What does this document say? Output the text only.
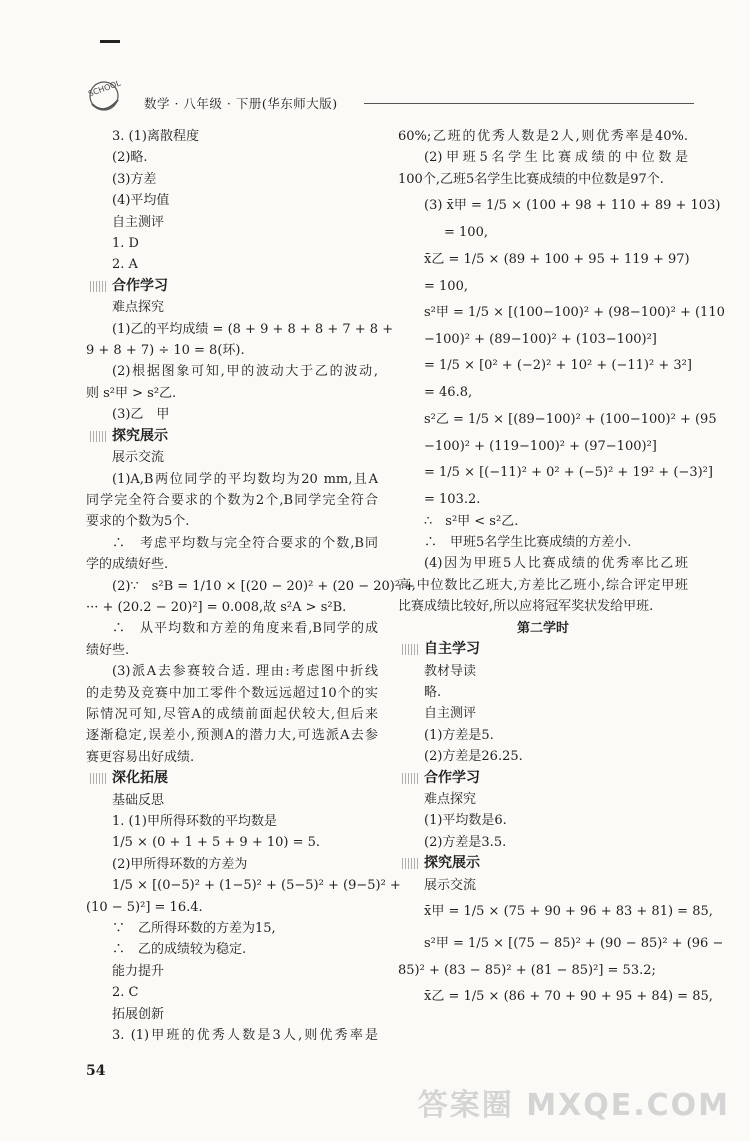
SCHOOL
数学 · 八年级 · 下册(华东师大版)
3. (1)离散程度
(2)略.
(3)方差
(4)平均值
自主测评
1. D
2. A
合作学习
难点探究
(1)乙的平均成绩 = (8 + 9 + 8 + 8 + 7 + 8 +
9 + 8 + 7) ÷ 10 = 8(环).
(2)根据图象可知,甲的波动大于乙的波动,
则 s²甲 > s²乙.
(3)乙　甲
探究展示
展示交流
(1)A,B两位同学的平均数均为20 mm,且A
同学完全符合要求的个数为2个,B同学完全符合
要求的个数为5个.
∴　考虑平均数与完全符合要求的个数,B同
学的成绩好些.
(2)∵　s²B = 1/10 × [(20 − 20)² + (20 − 20)² +
··· + (20.2 − 20)²] = 0.008,故 s²A > s²B.
∴　从平均数和方差的角度来看,B同学的成
绩好些.
(3)派A去参赛较合适. 理由:考虑图中折线
的走势及竞赛中加工零件个数远远超过10个的实
际情况可知,尽管A的成绩前面起伏较大,但后来
逐渐稳定,误差小,预测A的潜力大,可选派A去参
赛更容易出好成绩.
深化拓展
基础反思
1. (1)甲所得环数的平均数是
1/5 × (0 + 1 + 5 + 9 + 10) = 5.
(2)甲所得环数的方差为
1/5 × [(0−5)² + (1−5)² + (5−5)² + (9−5)² +
(10 − 5)²] = 16.4.
∵　乙所得环数的方差为15,
∴　乙的成绩较为稳定.
能力提升
2. C
拓展创新
3. (1)甲班的优秀人数是3人,则优秀率是
60%;乙班的优秀人数是2人,则优秀率是40%.
(2)甲班5名学生比赛成绩的中位数是
100个,乙班5名学生比赛成绩的中位数是97个.
(3) x̄甲 = 1/5 × (100 + 98 + 110 + 89 + 103)
= 100,
x̄乙 = 1/5 × (89 + 100 + 95 + 119 + 97)
= 100,
s²甲 = 1/5 × [(100−100)² + (98−100)² + (110
−100)² + (89−100)² + (103−100)²]
= 1/5 × [0² + (−2)² + 10² + (−11)² + 3²]
= 46.8,
s²乙 = 1/5 × [(89−100)² + (100−100)² + (95
−100)² + (119−100)² + (97−100)²]
= 1/5 × [(−11)² + 0² + (−5)² + 19² + (−3)²]
= 103.2.
∴　s²甲 < s²乙.
∴　甲班5名学生比赛成绩的方差小.
(4)因为甲班5人比赛成绩的优秀率比乙班
高,中位数比乙班大,方差比乙班小,综合评定甲班
比赛成绩比较好,所以应将冠军奖状发给甲班.
第二学时
自主学习
教材导读
略.
自主测评
(1)方差是5.
(2)方差是26.25.
合作学习
难点探究
(1)平均数是6.
(2)方差是3.5.
探究展示
展示交流
x̄甲 = 1/5 × (75 + 90 + 96 + 83 + 81) = 85,
s²甲 = 1/5 × [(75 − 85)² + (90 − 85)² + (96 −
85)² + (83 − 85)² + (81 − 85)²] = 53.2;
x̄乙 = 1/5 × (86 + 70 + 90 + 95 + 84) = 85,
54
答案圈 MXQE.COM
